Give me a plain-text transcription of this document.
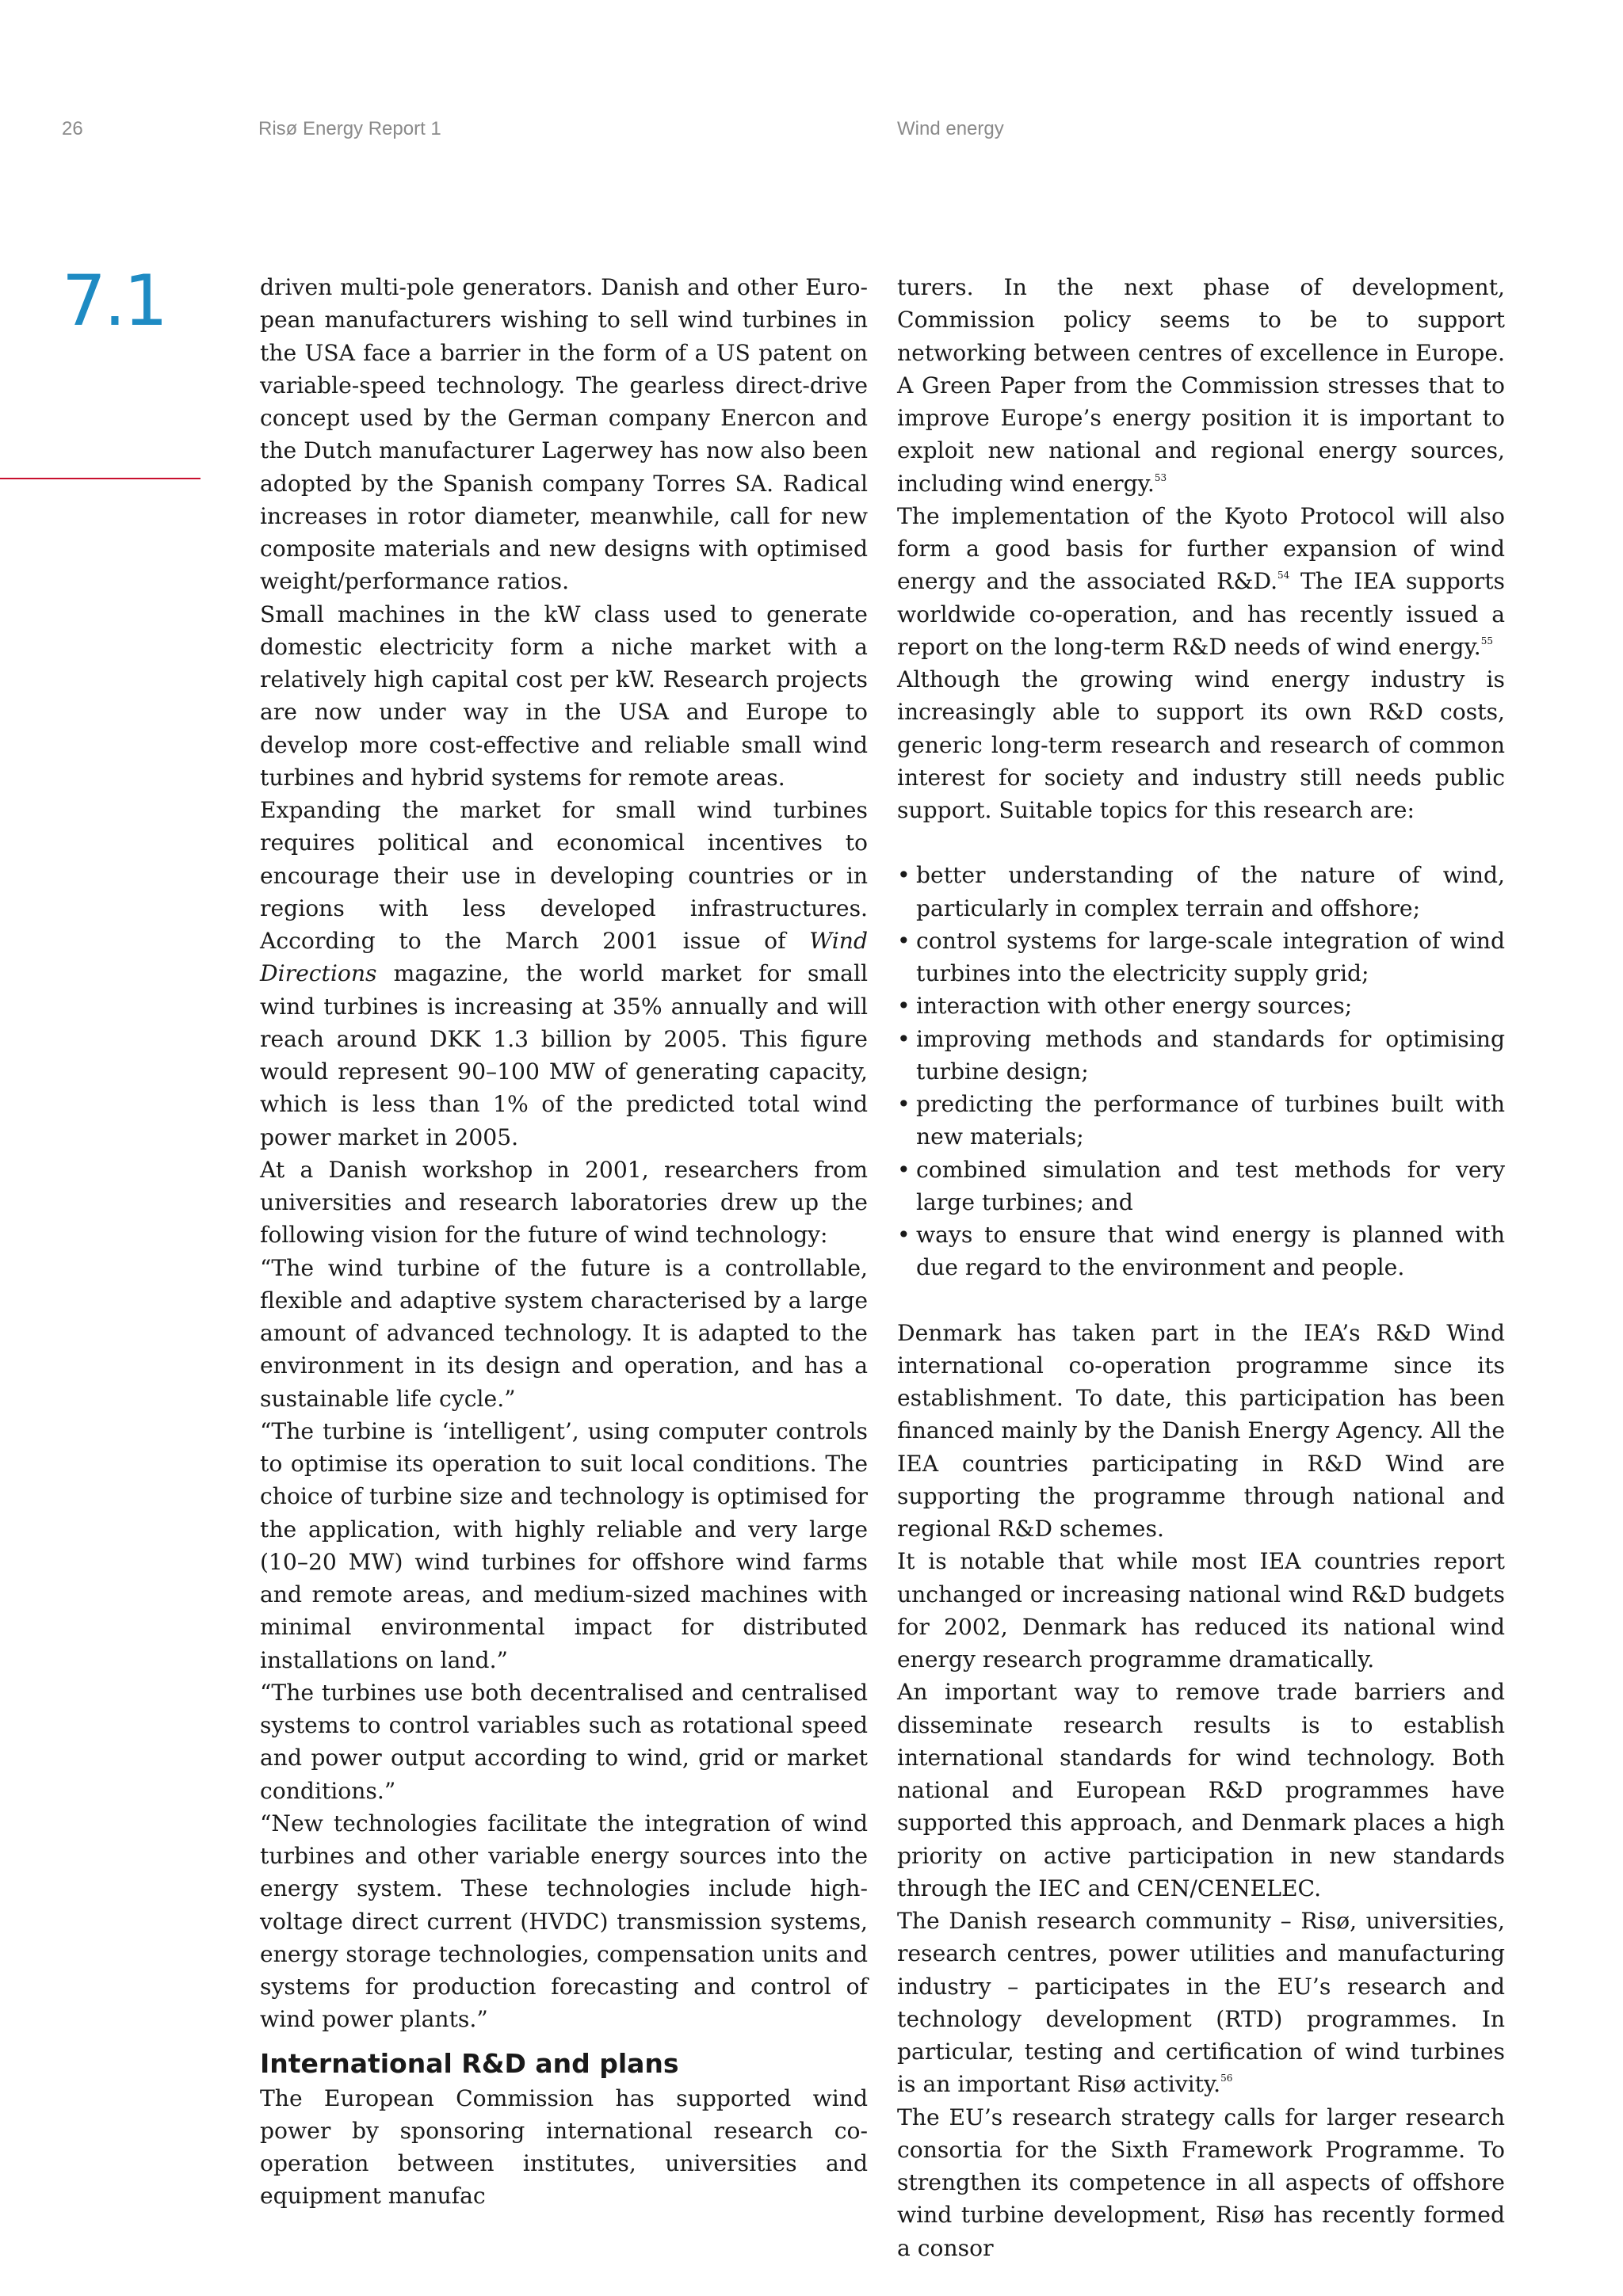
26	Risø Energy Report 1	Wind energy
7.1	driven multi-pole generators. Danish and other European manufacturers wishing to sell wind turbines in the USA face a barrier in the form of a US patent on variable-speed technology. The gearless direct-drive concept used by the German company Enercon and the Dutch manufacturer Lagerwey has now also been adopted by the Spanish company Torres SA. Radical increases in rotor diameter, meanwhile, call for new composite materials and new designs with optimised weight/performance ratios.

Small machines in the kW class used to generate domestic electricity form a niche market with a relatively high capital cost per kW. Research projects are now under way in the USA and Europe to develop more cost-effective and reliable small wind turbines and hybrid systems for remote areas.

Expanding the market for small wind turbines requires political and economical incentives to encourage their use in developing countries or in regions with less developed infrastructures. According to the March 2001 issue of Wind Directions magazine, the world market for small wind turbines is increasing at 35% annually and will reach around DKK 1.3 billion by 2005. This figure would represent 90–100 MW of generating capacity, which is less than 1% of the predicted total wind power market in 2005.

At a Danish workshop in 2001, researchers from universities and research laboratories drew up the following vision for the future of wind technology:

“The wind turbine of the future is a controllable, flexible and adaptive system characterised by a large amount of advanced technology. It is adapted to the environment in its design and operation, and has a sustainable life cycle.”

“The turbine is ‘intelligent’, using computer controls to optimise its operation to suit local conditions. The choice of turbine size and technology is optimised for the application, with highly reliable and very large (10–20 MW) wind turbines for offshore wind farms and remote areas, and medium-sized machines with minimal environmental impact for distributed installations on land.”

“The turbines use both decentralised and centralised systems to control variables such as rotational speed and power output according to wind, grid or market conditions.”

“New technologies facilitate the integration of wind turbines and other variable energy sources into the energy system. These technologies include high-voltage direct current (HVDC) transmission systems, energy storage technologies, compensation units and systems for production forecasting and control of wind power plants.”

International R&D and plans

The European Commission has supported wind power by sponsoring international research co-operation between institutes, universities and equipment manufac

turers. In the next phase of development, Commission policy seems to be to support networking between centres of excellence in Europe. A Green Paper from the Commission stresses that to improve Europe’s energy position it is important to exploit new national and regional energy sources, including wind energy.$^{53}$

The implementation of the Kyoto Protocol will also form a good basis for further expansion of wind energy and the associated R&D.$^{54}$ The IEA supports worldwide co-operation, and has recently issued a report on the long-term R&D needs of wind energy.$^{55}$

Although the growing wind energy industry is increasingly able to support its own R&D costs, generic long-term research and research of common interest for society and industry still needs public support. Suitable topics for this research are:

• better understanding of the nature of wind, particularly in complex terrain and offshore;
• control systems for large-scale integration of wind turbines into the electricity supply grid;
• interaction with other energy sources;
• improving methods and standards for optimising turbine design;
• predicting the performance of turbines built with new materials;
• combined simulation and test methods for very large turbines; and
• ways to ensure that wind energy is planned with due regard to the environment and people.

Denmark has taken part in the IEA’s R&D Wind international co-operation programme since its establishment. To date, this participation has been financed mainly by the Danish Energy Agency. All the IEA countries participating in R&D Wind are supporting the programme through national and regional R&D schemes.

It is notable that while most IEA countries report unchanged or increasing national wind R&D budgets for 2002, Denmark has reduced its national wind energy research programme dramatically.

An important way to remove trade barriers and disseminate research results is to establish international standards for wind technology. Both national and European R&D programmes have supported this approach, and Denmark places a high priority on active participation in new standards through the IEC and CEN/CENELEC.

The Danish research community – Risø, universities, research centres, power utilities and manufacturing industry – participates in the EU’s research and technology development (RTD) programmes. In particular, testing and certification of wind turbines is an important Risø activity.$^{56}$

The EU’s research strategy calls for larger research consortia for the Sixth Framework Programme. To strengthen its competence in all aspects of offshore wind turbine development, Risø has recently formed a consor
